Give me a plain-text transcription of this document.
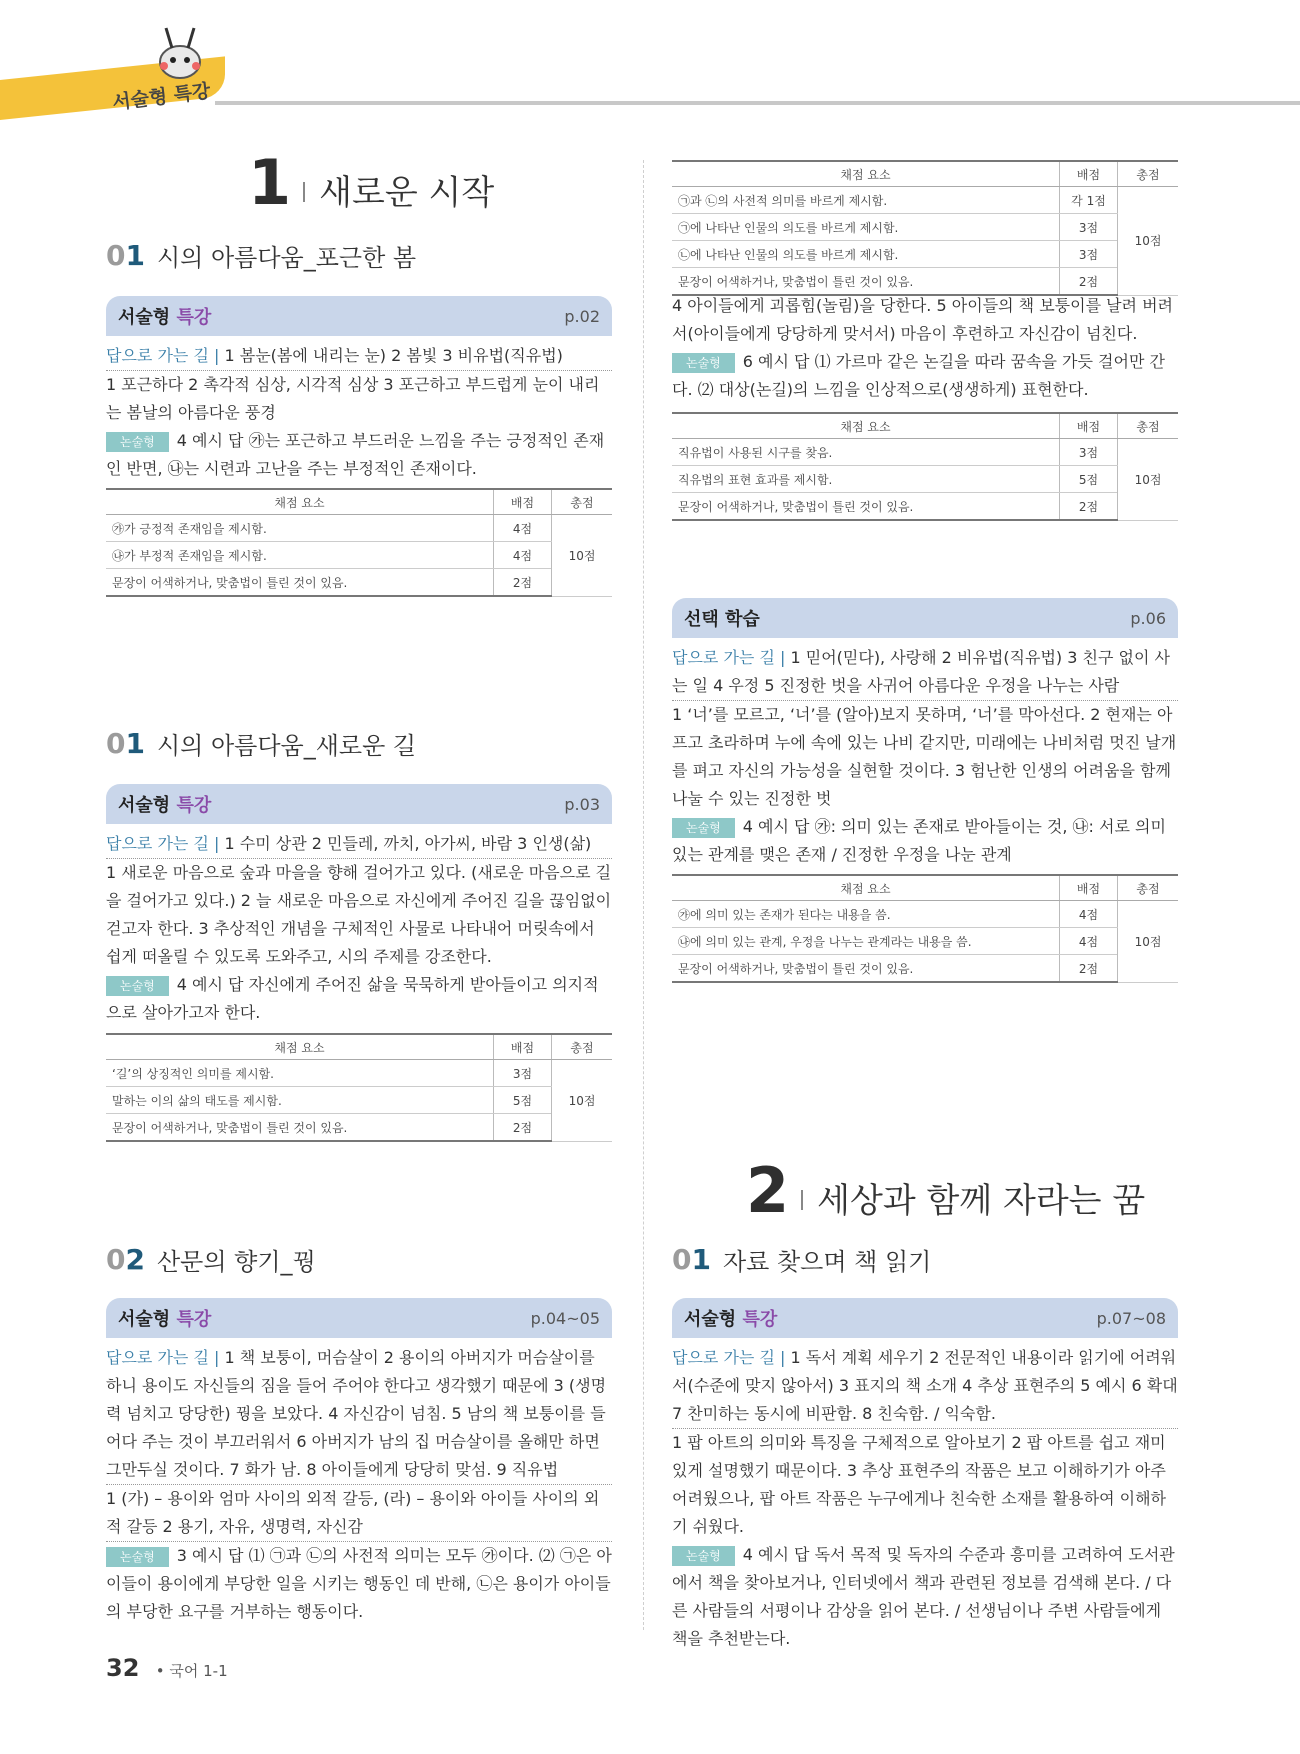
서술형 특강
1 새로운 시작
01 시의 아름다움_포근한 봄
서술형 특강	p.02
답으로 가는 길 | 1 봄눈(봄에 내리는 눈) 2 봄빛 3 비유법(직유법)
1 포근하다 2 촉각적 심상, 시각적 심상 3 포근하고 부드럽게 눈이 내리는 봄날의 아름다운 풍경
논술형 4 예시 답 ㉮는 포근하고 부드러운 느낌을 주는 긍정적인 존재인 반면, ㉯는 시련과 고난을 주는 부정적인 존재이다.
채점 요소	배점	총점
㉮가 긍정적 존재임을 제시함.	4점	10점
㉯가 부정적 존재임을 제시함.	4점	
문장이 어색하거나, 맞춤법이 틀린 것이 있음.	2점	
01 시의 아름다움_새로운 길
서술형 특강	p.03
답으로 가는 길 | 1 수미 상관 2 민들레, 까치, 아가씨, 바람 3 인생(삶)
1 새로운 마음으로 숲과 마을을 향해 걸어가고 있다. (새로운 마음으로 길을 걸어가고 있다.) 2 늘 새로운 마음으로 자신에게 주어진 길을 끊임없이 걷고자 한다. 3 추상적인 개념을 구체적인 사물로 나타내어 머릿속에서 쉽게 떠올릴 수 있도록 도와주고, 시의 주제를 강조한다.
논술형 4 예시 답 자신에게 주어진 삶을 묵묵하게 받아들이고 의지적으로 살아가고자 한다.
채점 요소	배점	총점
‘길’의 상징적인 의미를 제시함.	3점	10점
말하는 이의 삶의 태도를 제시함.	5점	
문장이 어색하거나, 맞춤법이 틀린 것이 있음.	2점	
02 산문의 향기_꿩
서술형 특강	p.04~05
답으로 가는 길 | 1 책 보퉁이, 머슴살이 2 용이의 아버지가 머슴살이를 하니 용이도 자신들의 짐을 들어 주어야 한다고 생각했기 때문에 3 (생명력 넘치고 당당한) 꿩을 보았다. 4 자신감이 넘침. 5 남의 책 보퉁이를 들어다 주는 것이 부끄러워서 6 아버지가 남의 집 머슴살이를 올해만 하면 그만두실 것이다. 7 화가 남. 8 아이들에게 당당히 맞섬. 9 직유법
1 (가) – 용이와 엄마 사이의 외적 갈등, (라) – 용이와 아이들 사이의 외적 갈등 2 용기, 자유, 생명력, 자신감
논술형 3 예시 답 ⑴ ㉠과 ㉡의 사전적 의미는 모두 ㉮이다. ⑵ ㉠은 아이들이 용이에게 부당한 일을 시키는 행동인 데 반해, ㉡은 용이가 아이들의 부당한 요구를 거부하는 행동이다.
채점 요소	배점	총점
㉠과 ㉡의 사전적 의미를 바르게 제시함.	각 1점	10점
㉠에 나타난 인물의 의도를 바르게 제시함.	3점	
㉡에 나타난 인물의 의도를 바르게 제시함.	3점	
문장이 어색하거나, 맞춤법이 틀린 것이 있음.	2점	
4 아이들에게 괴롭힘(놀림)을 당한다. 5 아이들의 책 보퉁이를 날려 버려서(아이들에게 당당하게 맞서서) 마음이 후련하고 자신감이 넘친다.
논술형 6 예시 답 ⑴ 가르마 같은 논길을 따라 꿈속을 가듯 걸어만 간다. ⑵ 대상(논길)의 느낌을 인상적으로(생생하게) 표현한다.
채점 요소	배점	총점
직유법이 사용된 시구를 찾음.	3점	10점
직유법의 표현 효과를 제시함.	5점	
문장이 어색하거나, 맞춤법이 틀린 것이 있음.	2점	
선택 학습	p.06
답으로 가는 길 | 1 믿어(믿다), 사랑해 2 비유법(직유법) 3 친구 없이 사는 일 4 우정 5 진정한 벗을 사귀어 아름다운 우정을 나누는 사람
1 ‘너’를 모르고, ‘너’를 (알아)보지 못하며, ‘너’를 막아선다. 2 현재는 아프고 초라하며 누에 속에 있는 나비 같지만, 미래에는 나비처럼 멋진 날개를 펴고 자신의 가능성을 실현할 것이다. 3 험난한 인생의 어려움을 함께 나눌 수 있는 진정한 벗
논술형 4 예시 답 ㉮: 의미 있는 존재로 받아들이는 것, ㉯: 서로 의미 있는 관계를 맺은 존재 / 진정한 우정을 나눈 관계
채점 요소	배점	총점
㉮에 의미 있는 존재가 된다는 내용을 씀.	4점	10점
㉯에 의미 있는 관계, 우정을 나누는 관계라는 내용을 씀.	4점	
문장이 어색하거나, 맞춤법이 틀린 것이 있음.	2점	
2 세상과 함께 자라는 꿈
01 자료 찾으며 책 읽기
서술형 특강	p.07~08
답으로 가는 길 | 1 독서 계획 세우기 2 전문적인 내용이라 읽기에 어려워서(수준에 맞지 않아서) 3 표지의 책 소개 4 추상 표현주의 5 예시 6 확대 7 찬미하는 동시에 비판함. 8 친숙함. / 익숙함.
1 팝 아트의 의미와 특징을 구체적으로 알아보기 2 팝 아트를 쉽고 재미있게 설명했기 때문이다. 3 추상 표현주의 작품은 보고 이해하기가 아주 어려웠으나, 팝 아트 작품은 누구에게나 친숙한 소재를 활용하여 이해하기 쉬웠다.
논술형 4 예시 답 독서 목적 및 독자의 수준과 흥미를 고려하여 도서관에서 책을 찾아보거나, 인터넷에서 책과 관련된 정보를 검색해 본다. / 다른 사람들의 서평이나 감상을 읽어 본다. / 선생님이나 주변 사람들에게 책을 추천받는다.
32 • 국어 1-1
